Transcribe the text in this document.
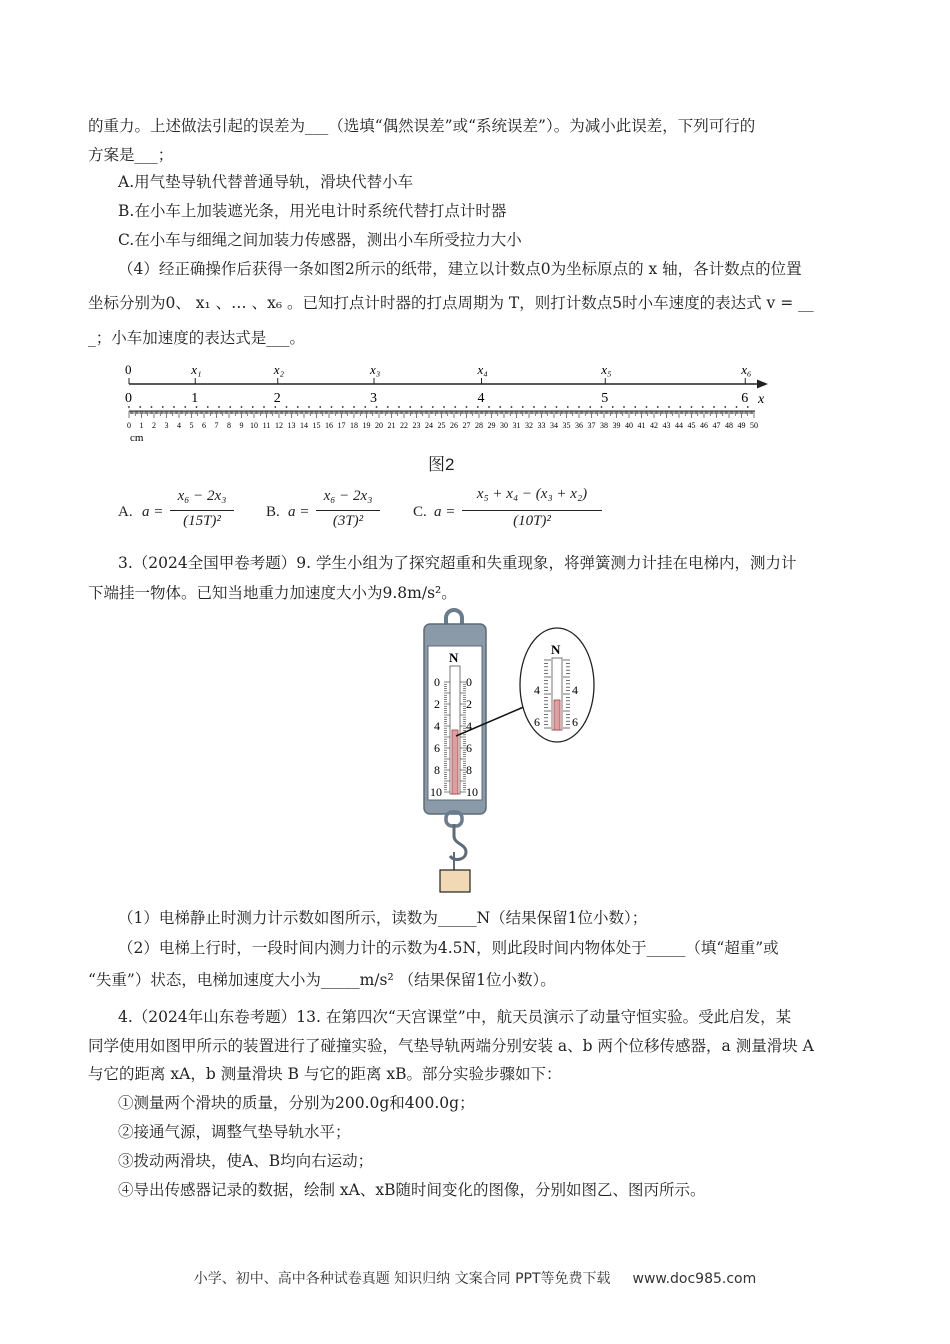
的重力。上述做法引起的误差为___（选填“偶然误差”或“系统误差”）。为减小此误差，下列可行的
方案是___；
A.用气垫导轨代替普通导轨，滑块代替小车
B.在小车上加装遮光条，用光电计时系统代替打点计时器
C.在小车与细绳之间加装力传感器，测出小车所受拉力大小
（4）经正确操作后获得一条如图2所示的纸带，建立以计数点0为坐标原点的 x 轴，各计数点的位置
坐标分别为0、 x₁ 、… 、x₆ 。已知打点计时器的打点周期为 T，则打计数点5时小车速度的表达式 v = __
_；小车加速度的表达式是___。
0
0
x₁
1
x₂
2
x₃
3
x₄
4
x₅
5
x₆
6 x
0 1 2 3 4 5 6 7 8 9 10 11 12 13 14 15 16 17 18 19 20 21 22 23 24 25 26 27 28 29 30 31 32 33 34 35 36 37 38 39 40 41 42 43 44 45 46 47 48 49 50
cm
图2
A. a =
x₆ − 2x₃
(15T)²
B. a =
x₆ − 2x₃
(3T)²
C. a =
x₅ + x₄ − (x₃ + x₂)
(10T)²
3.（2024全国甲卷考题）9. 学生小组为了探究超重和失重现象，将弹簧测力计挂在电梯内，测力计
下端挂一物体。已知当地重力加速度大小为9.8m/s²。
N
0
2
4
6
8
10
0
2
4
6
8
10
N
4	4
6	6
（1）电梯静止时测力计示数如图所示，读数为_____N（结果保留1位小数）；
（2）电梯上行时，一段时间内测力计的示数为4.5N，则此段时间内物体处于_____（填“超重”或
“失重”）状态，电梯加速度大小为_____m/s² （结果保留1位小数）。
4.（2024年山东卷考题）13. 在第四次“天宫课堂”中，航天员演示了动量守恒实验。受此启发，某
同学使用如图甲所示的装置进行了碰撞实验，气垫导轨两端分别安装 a、b 两个位移传感器，a 测量滑块 A
与它的距离 xA，b 测量滑块 B 与它的距离 xB。部分实验步骤如下：
①测量两个滑块的质量，分别为200.0g和400.0g；
②接通气源，调整气垫导轨水平；
③拨动两滑块，使A、B均向右运动；
④导出传感器记录的数据，绘制 xA、xB随时间变化的图像，分别如图乙、图丙所示。
小学、初中、高中各种试卷真题 知识归纳 文案合同 PPT等免费下载 www.doc985.com
